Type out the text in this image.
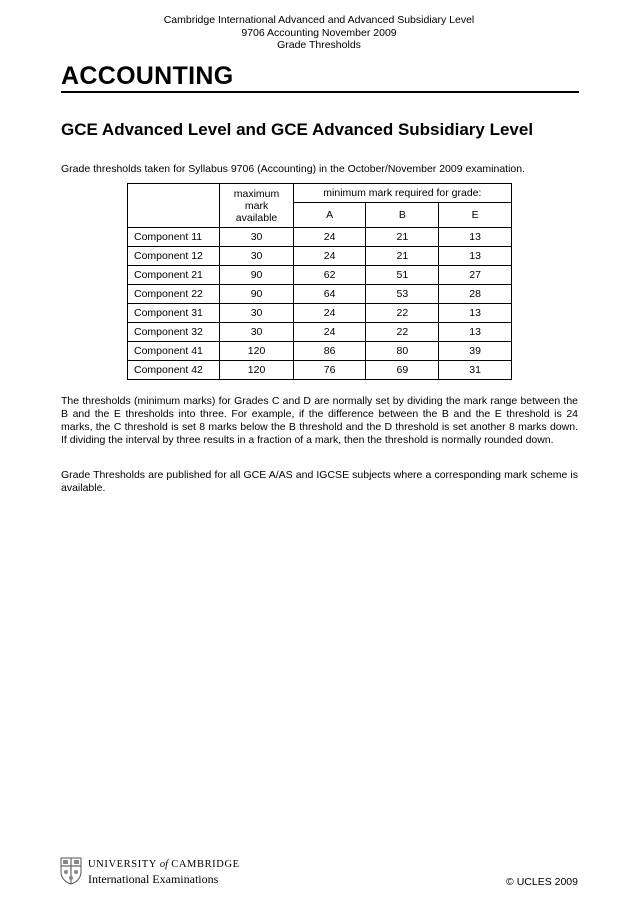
Cambridge International Advanced and Advanced Subsidiary Level
9706 Accounting November 2009
Grade Thresholds
ACCOUNTING
GCE Advanced Level and GCE Advanced Subsidiary Level
Grade thresholds taken for Syllabus 9706 (Accounting) in the October/November 2009 examination.

	maximum
mark
available	minimum mark required for grade:		
		A	B	E
Component 11	30	24	21	13
Component 12	30	24	21	13
Component 21	90	62	51	27
Component 22	90	64	53	28
Component 31	30	24	22	13
Component 32	30	24	22	13
Component 41	120	86	80	39
Component 42	120	76	69	31
The thresholds (minimum marks) for Grades C and D are normally set by dividing the mark range between the B and the E thresholds into three. For example, if the difference between the B and the E threshold is 24 marks, the C threshold is set 8 marks below the B threshold and the D threshold is set another 8 marks down. If dividing the interval by three results in a fraction of a mark, then the threshold is normally rounded down.
Grade Thresholds are published for all GCE A/AS and IGCSE subjects where a corresponding mark scheme is available.
UNIVERSITY of CAMBRIDGE
International Examinations	© UCLES 2009
